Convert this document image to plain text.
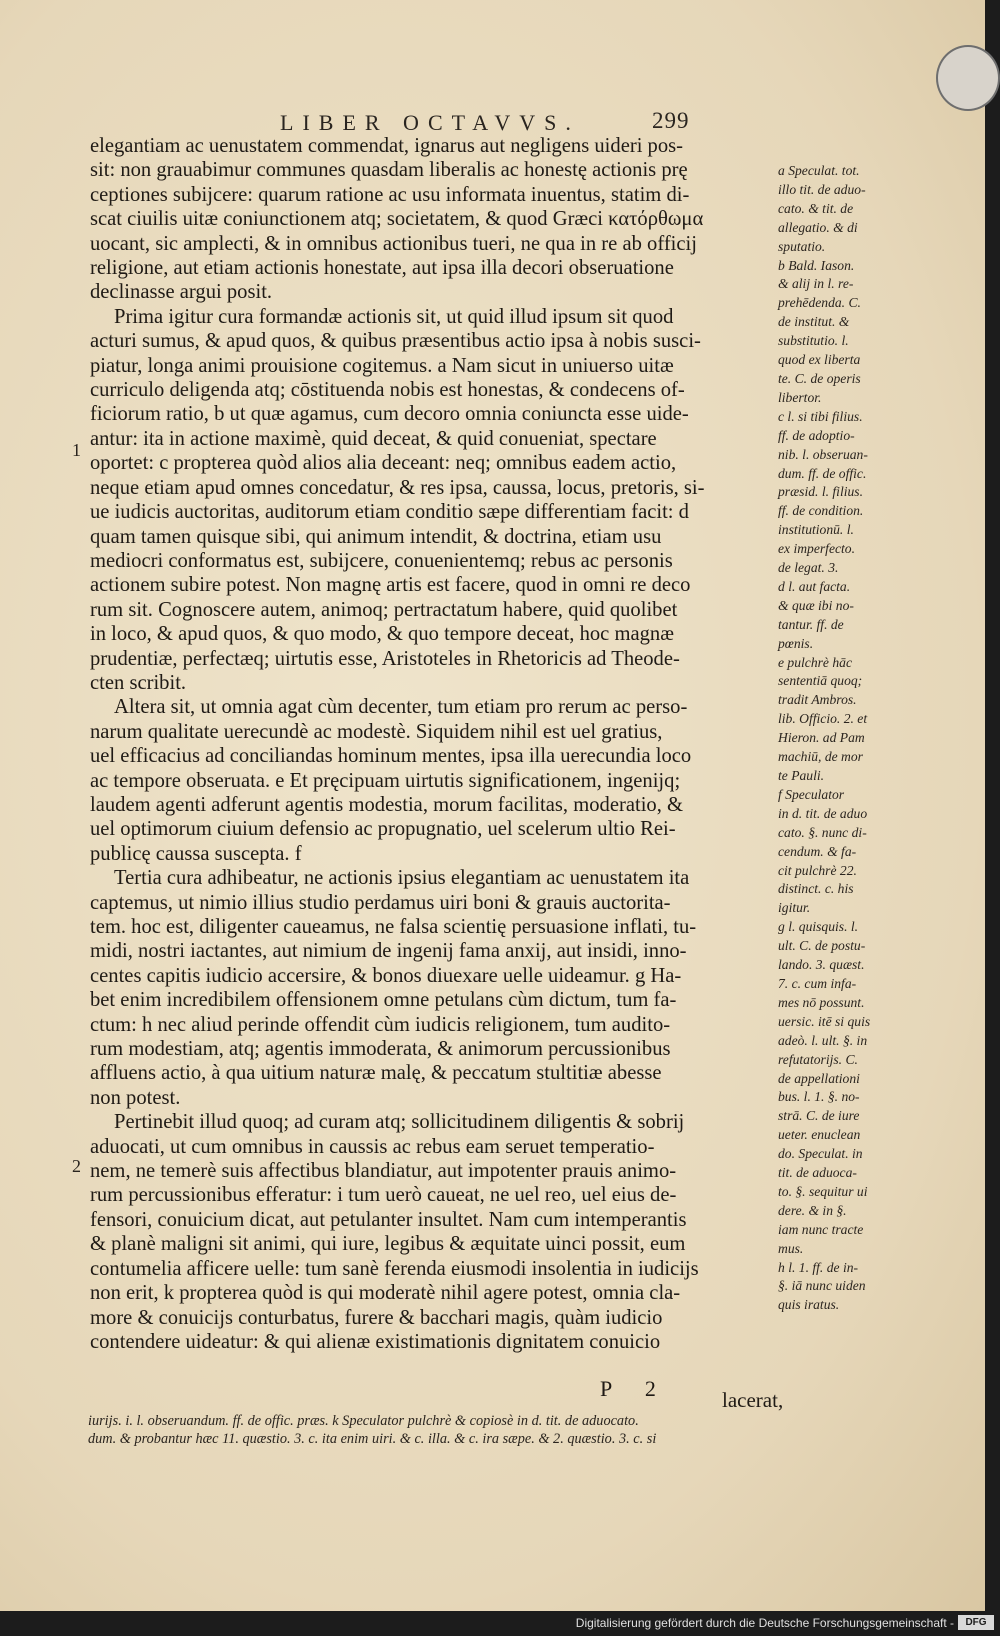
LIBER OCTAVVS.	299

elegantiam ac uenustatem commendat, ignarus aut negligens uideri pos-

sit: non grauabimur communes quasdam liberalis ac honestę actionis prę

ceptiones subijcere: quarum ratione ac usu informata inuentus, statim di-

scat ciuilis uitæ coniunctionem atq; societatem, & quod Græci κατόρθωμα

uocant, sic amplecti, & in omnibus actionibus tueri, ne qua in re ab officij

religione, aut etiam actionis honestate, aut ipsa illa decori obseruatione

declinasse argui posit.

Prima igitur cura formandæ actionis sit, ut quid illud ipsum sit quod

acturi sumus, & apud quos, & quibus præsentibus actio ipsa à nobis susci-

piatur, longa animi prouisione cogitemus. a Nam sicut in uniuerso uitæ

curriculo deligenda atq; cōstituenda nobis est honestas, & condecens of-

ficiorum ratio, b ut quæ agamus, cum decoro omnia coniuncta esse uide-

antur: ita in actione maximè, quid deceat, & quid conueniat, spectare

oportet: c propterea quòd alios alia deceant: neq; omnibus eadem actio,

neque etiam apud omnes concedatur, & res ipsa, caussa, locus, pretoris, si-

ue iudicis auctoritas, auditorum etiam conditio sæpe differentiam facit: d

quam tamen quisque sibi, qui animum intendit, & doctrina, etiam usu

mediocri conformatus est, subijcere, conuenientemq; rebus ac personis

actionem subire potest. Non magnę artis est facere, quod in omni re deco

rum sit. Cognoscere autem, animoq; pertractatum habere, quid quolibet

in loco, & apud quos, & quo modo, & quo tempore deceat, hoc magnæ

prudentiæ, perfectæq; uirtutis esse, Aristoteles in Rhetoricis ad Theode-

cten scribit.

Altera sit, ut omnia agat cùm decenter, tum etiam pro rerum ac perso-

narum qualitate uerecundè ac modestè. Siquidem nihil est uel gratius,

uel efficacius ad conciliandas hominum mentes, ipsa illa uerecundia loco

ac tempore obseruata. e Et pręcipuam uirtutis significationem, ingenijq;

laudem agenti adferunt agentis modestia, morum facilitas, moderatio, &

uel optimorum ciuium defensio ac propugnatio, uel scelerum ultio Rei-

publicę caussa suscepta. f

Tertia cura adhibeatur, ne actionis ipsius elegantiam ac uenustatem ita

captemus, ut nimio illius studio perdamus uiri boni & grauis auctorita-

tem. hoc est, diligenter caueamus, ne falsa scientię persuasione inflati, tu-

midi, nostri iactantes, aut nimium de ingenij fama anxij, aut insidi, inno-

centes capitis iudicio accersire, & bonos diuexare uelle uideamur. g Ha-

bet enim incredibilem offensionem omne petulans cùm dictum, tum fa-

ctum: h nec aliud perinde offendit cùm iudicis religionem, tum audito-

rum modestiam, atq; agentis immoderata, & animorum percussionibus

affluens actio, à qua uitium naturæ malę, & peccatum stultitiæ abesse

non potest.

Pertinebit illud quoq; ad curam atq; sollicitudinem diligentis & sobrij

aduocati, ut cum omnibus in caussis ac rebus eam seruet temperatio-

nem, ne temerè suis affectibus blandiatur, aut impotenter prauis animo-

rum percussionibus efferatur: i tum uerò caueat, ne uel reo, uel eius de-

fensori, conuicium dicat, aut petulanter insultet. Nam cum intemperantis

& planè maligni sit animi, qui iure, legibus & æquitate uinci possit, eum

contumelia afficere uelle: tum sanè ferenda eiusmodi insolentia in iudicijs

non erit, k propterea quòd is qui moderatè nihil agere potest, omnia cla-

more & conuicijs conturbatus, furere & bacchari magis, quàm iudicio

contendere uideatur: & qui alienæ existimationis dignitatem conuicio

a Speculat. tot.

illo tit. de aduo-

cato. & tit. de

allegatio. & di

sputatio.

b Bald. Iason.

& alij in l. re-

prehēdenda. C.

de institut. &

substitutio. l.

quod ex liberta

te. C. de operis

libertor.

c l. si tibi filius.

ff. de adoptio-

nib. l. obseruan-

dum. ff. de offic.

præsid. l. filius.

ff. de condition.

institutionū. l.

ex imperfecto.

de legat. 3.

d l. aut facta.

& quæ ibi no-

tantur. ff. de

pœnis.

e pulchrè hāc

sententiā quoq;

tradit Ambros.

lib. Officio. 2. et

Hieron. ad Pam

machiū, de mor

te Pauli.

f Speculator

in d. tit. de aduo

cato. §. nunc di-

cendum. & fa-

cit pulchrè 22.

distinct. c. his

igitur.

g l. quisquis. l.

ult. C. de postu-

lando. 3. quæst.

7. c. cum infa-

mes nō possunt.

uersic. itē si quis

adeò. l. ult. §. in

refutatorijs. C.

de appellationi

bus. l. 1. §. no-

strā. C. de iure

ueter. enuclean

do. Speculat. in

tit. de aduoca-

to. §. sequitur ui

dere. & in §.

iam nunc tracte

mus.

h l. 1. ff. de in-

§. iā nunc uiden

quis iratus.

1
2
P 2 lacerat,

iurijs. i. l. obseruandum. ff. de offic. præs. k Speculator pulchrè & copiosè in d. tit. de aduocato.

dum. & probantur hæc 11. quæstio. 3. c. ita enim uiri. & c. illa. & c. ira sæpe. & 2. quæstio. 3. c. si

Digitalisierung gefördert durch die Deutsche Forschungsgemeinschaft -	DFG
